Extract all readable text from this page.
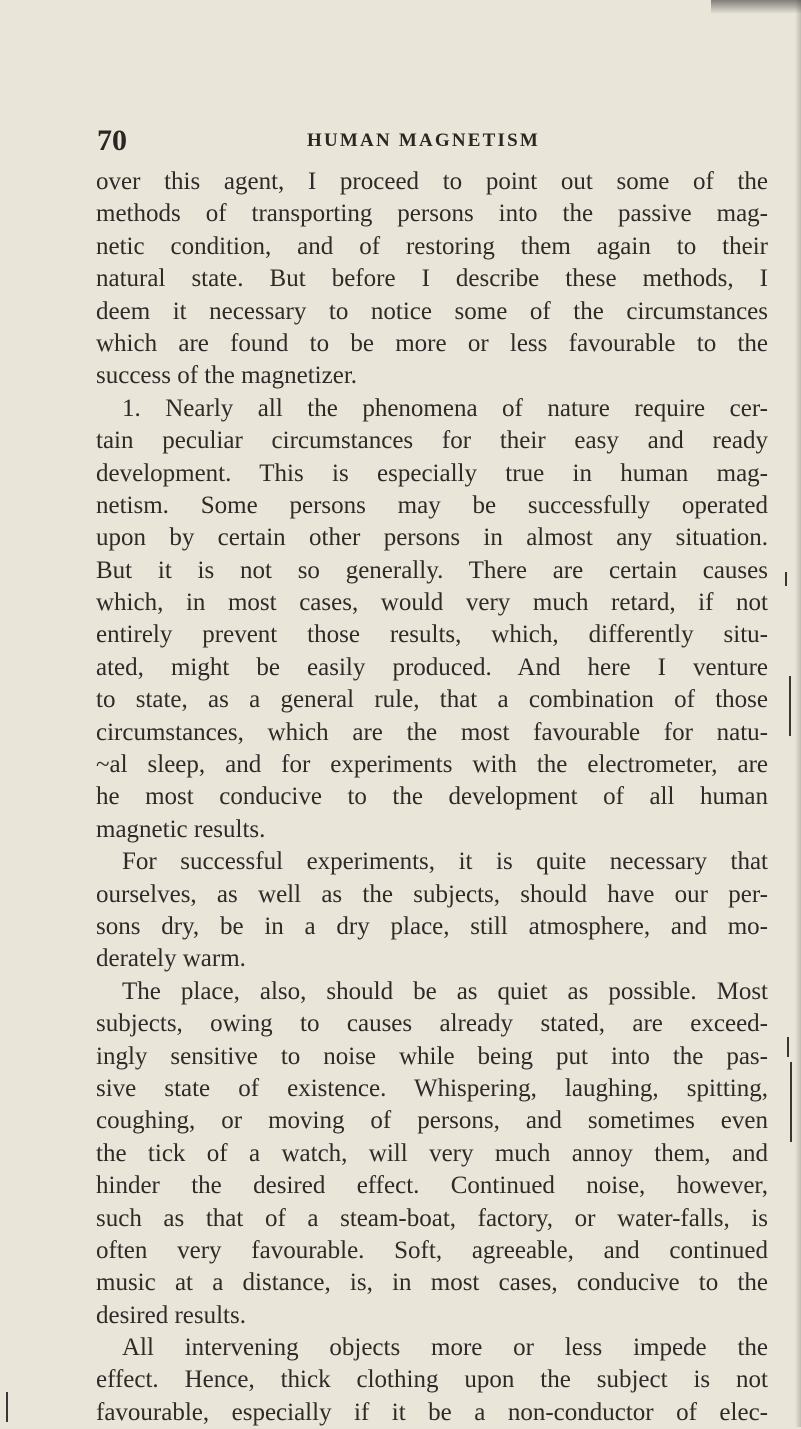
70	HUMAN MAGNETISM
over this agent, I proceed to point out some of the
methods of transporting persons into the passive mag-
netic condition, and of restoring them again to their
natural state. But before I describe these methods, I
deem it necessary to notice some of the circumstances
which are found to be more or less favourable to the
success of the magnetizer.
1. Nearly all the phenomena of nature require cer-
tain peculiar circumstances for their easy and ready
development. This is especially true in human mag-
netism. Some persons may be successfully operated
upon by certain other persons in almost any situation.
But it is not so generally. There are certain causes
which, in most cases, would very much retard, if not
entirely prevent those results, which, differently situ-
ated, might be easily produced. And here I venture
to state, as a general rule, that a combination of those
circumstances, which are the most favourable for natu-
~al sleep, and for experiments with the electrometer, are
he most conducive to the development of all human
magnetic results.
For successful experiments, it is quite necessary that
ourselves, as well as the subjects, should have our per-
sons dry, be in a dry place, still atmosphere, and mo-
derately warm.
The place, also, should be as quiet as possible. Most
subjects, owing to causes already stated, are exceed-
ingly sensitive to noise while being put into the pas-
sive state of existence. Whispering, laughing, spitting,
coughing, or moving of persons, and sometimes even
the tick of a watch, will very much annoy them, and
hinder the desired effect. Continued noise, however,
such as that of a steam-boat, factory, or water-falls, is
often very favourable. Soft, agreeable, and continued
music at a distance, is, in most cases, conducive to the
desired results.
All intervening objects more or less impede the
effect. Hence, thick clothing upon the subject is not
favourable, especially if it be a non-conductor of elec-
